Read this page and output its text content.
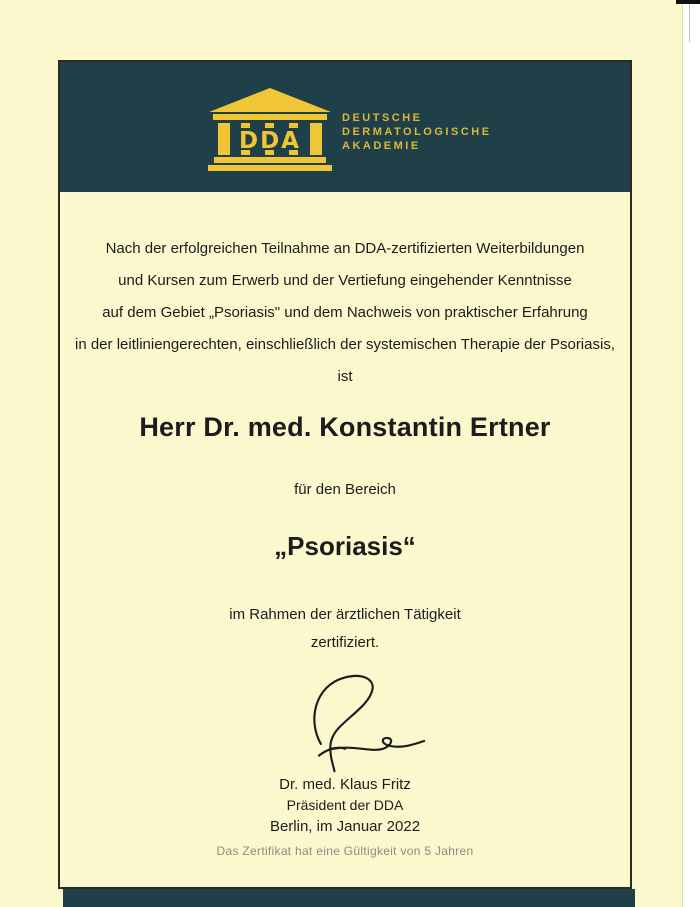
DDA
DEUTSCHE
DERMATOLOGISCHE
AKADEMIE
Nach der erfolgreichen Teilnahme an DDA-zertifizierten Weiterbildungen
und Kursen zum Erwerb und der Vertiefung eingehender Kenntnisse
auf dem Gebiet „Psoriasis" und dem Nachweis von praktischer Erfahrung
in der leitliniengerechten, einschließlich der systemischen Therapie der Psoriasis,
ist
Herr Dr. med. Konstantin Ertner
für den Bereich
„Psoriasis“
im Rahmen der ärztlichen Tätigkeit
zertifiziert.
Dr. med. Klaus Fritz
Präsident der DDA
Berlin, im Januar 2022
Das Zertifikat hat eine Gültigkeit von 5 Jahren
